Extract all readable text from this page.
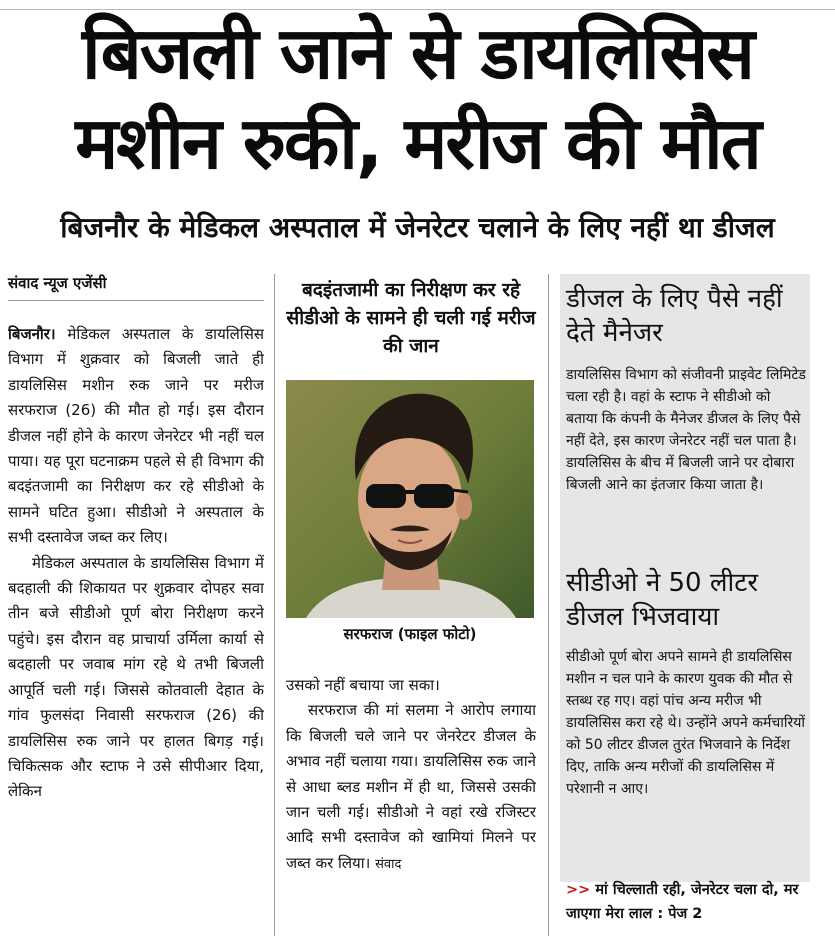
बिजली जाने से डायलिसिस
मशीन रुकी, मरीज की मौत
बिजनौर के मेडिकल अस्पताल में जेनरेटर चलाने के लिए नहीं था डीजल
संवाद न्यूज एजेंसी

बिजनौर। मेडिकल अस्पताल के डायलिसिस विभाग में शुक्रवार को बिजली जाते ही डायलिसिस मशीन रुक जाने पर मरीज सरफराज (26) की मौत हो गई। इस दौरान डीजल नहीं होने के कारण जेनरेटर भी नहीं चल पाया। यह पूरा घटनाक्रम पहले से ही विभाग की बदइंतजामी का निरीक्षण कर रहे सीडीओ के सामने घटित हुआ। सीडीओ ने अस्पताल के सभी दस्तावेज जब्त कर लिए।

मेडिकल अस्पताल के डायलिसिस विभाग में बदहाली की शिकायत पर शुक्रवार दोपहर सवा तीन बजे सीडीओ पूर्ण बोरा निरीक्षण करने पहुंचे। इस दौरान वह प्राचार्या उर्मिला कार्या से बदहाली पर जवाब मांग रहे थे तभी बिजली आपूर्ति चली गई। जिससे कोतवाली देहात के गांव फुलसंदा निवासी सरफराज (26) की डायलिसिस रुक जाने पर हालत बिगड़ गई। चिकित्सक और स्टाफ ने उसे सीपीआर दिया, लेकिन

बदइंतजामी का निरीक्षण कर रहे सीडीओ के सामने ही चली गई मरीज की जान
सरफराज (फाइल फोटो)

उसको नहीं बचाया जा सका।

सरफराज की मां सलमा ने आरोप लगाया कि बिजली चले जाने पर जेनरेटर डीजल के अभाव नहीं चलाया गया। डायलिसिस रुक जाने से आधा ब्लड मशीन में ही था, जिससे उसकी जान चली गई। सीडीओ ने वहां रखे रजिस्टर आदि सभी दस्तावेज को खामियां मिलने पर जब्त कर लिया। संवाद

डीजल के लिए पैसे नहीं देते मैनेजर
डायलिसिस विभाग को संजीवनी प्राइवेट लिमिटेड चला रही है। वहां के स्टाफ ने सीडीओ को बताया कि कंपनी के मैनेजर डीजल के लिए पैसे नहीं देते, इस कारण जेनरेटर नहीं चल पाता है। डायलिसिस के बीच में बिजली जाने पर दोबारा बिजली आने का इंतजार किया जाता है।
सीडीओ ने 50 लीटर डीजल भिजवाया
सीडीओ पूर्ण बोरा अपने सामने ही डायलिसिस मशीन न चल पाने के कारण युवक की मौत से स्तब्ध रह गए। वहां पांच अन्य मरीज भी डायलिसिस करा रहे थे। उन्होंने अपने कर्मचारियों को 50 लीटर डीजल तुरंत भिजवाने के निर्देश दिए, ताकि अन्य मरीजों की डायलिसिस में परेशानी न आए।
>> मां चिल्लाती रही, जेनरेटर चला दो, मर जाएगा मेरा लाल : पेज 2
